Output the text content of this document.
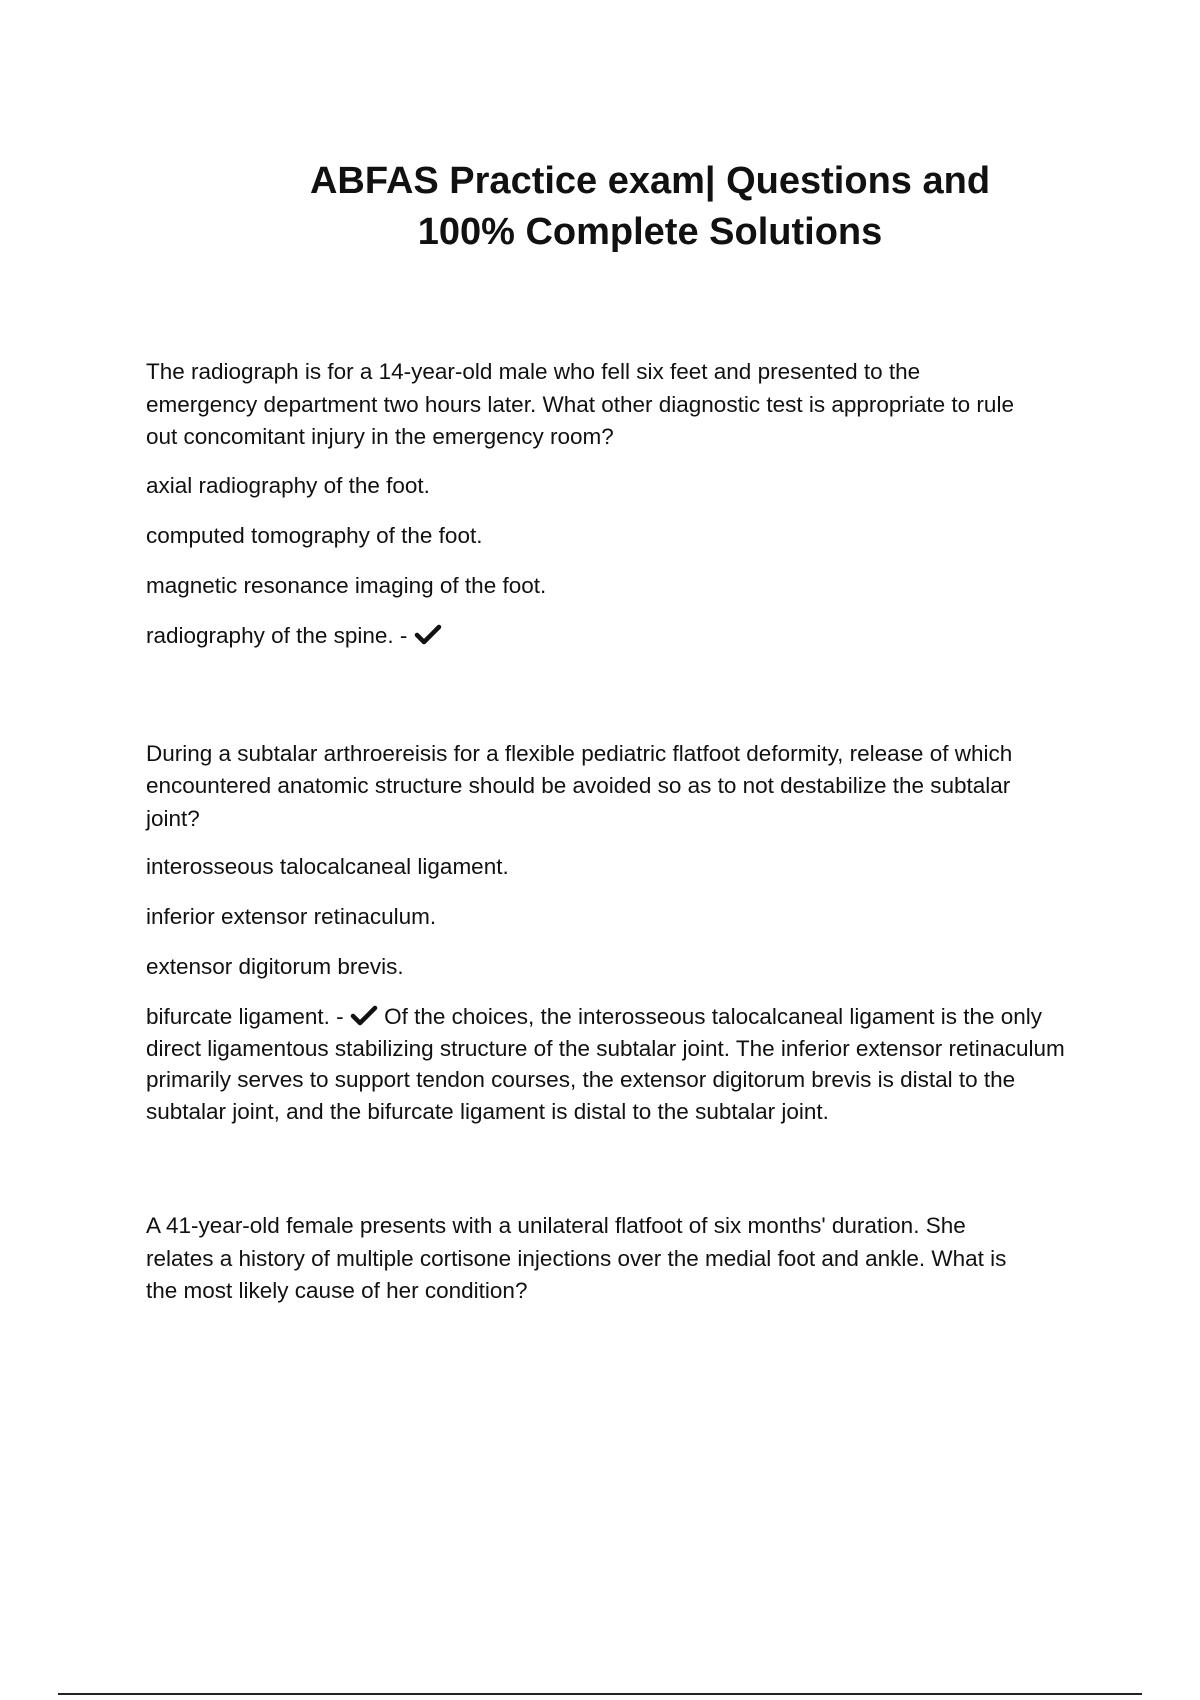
ABFAS Practice exam| Questions and
100% Complete Solutions

The radiograph is for a 14-year-old male who fell six feet and presented to the emergency department two hours later. What other diagnostic test is appropriate to rule out concomitant injury in the emergency room?

axial radiography of the foot.

computed tomography of the foot.

magnetic resonance imaging of the foot.

radiography of the spine. -

During a subtalar arthroereisis for a flexible pediatric flatfoot deformity, release of which encountered anatomic structure should be avoided so as to not destabilize the subtalar joint?

interosseous talocalcaneal ligament.

inferior extensor retinaculum.

extensor digitorum brevis.

bifurcate ligament. - Of the choices, the interosseous talocalcaneal ligament is the only direct ligamentous stabilizing structure of the subtalar joint. The inferior extensor retinaculum primarily serves to support tendon courses, the extensor digitorum brevis is distal to the subtalar joint, and the bifurcate ligament is distal to the subtalar joint.

A 41-year-old female presents with a unilateral flatfoot of six months' duration. She relates a history of multiple cortisone injections over the medial foot and ankle. What is the most likely cause of her condition?
